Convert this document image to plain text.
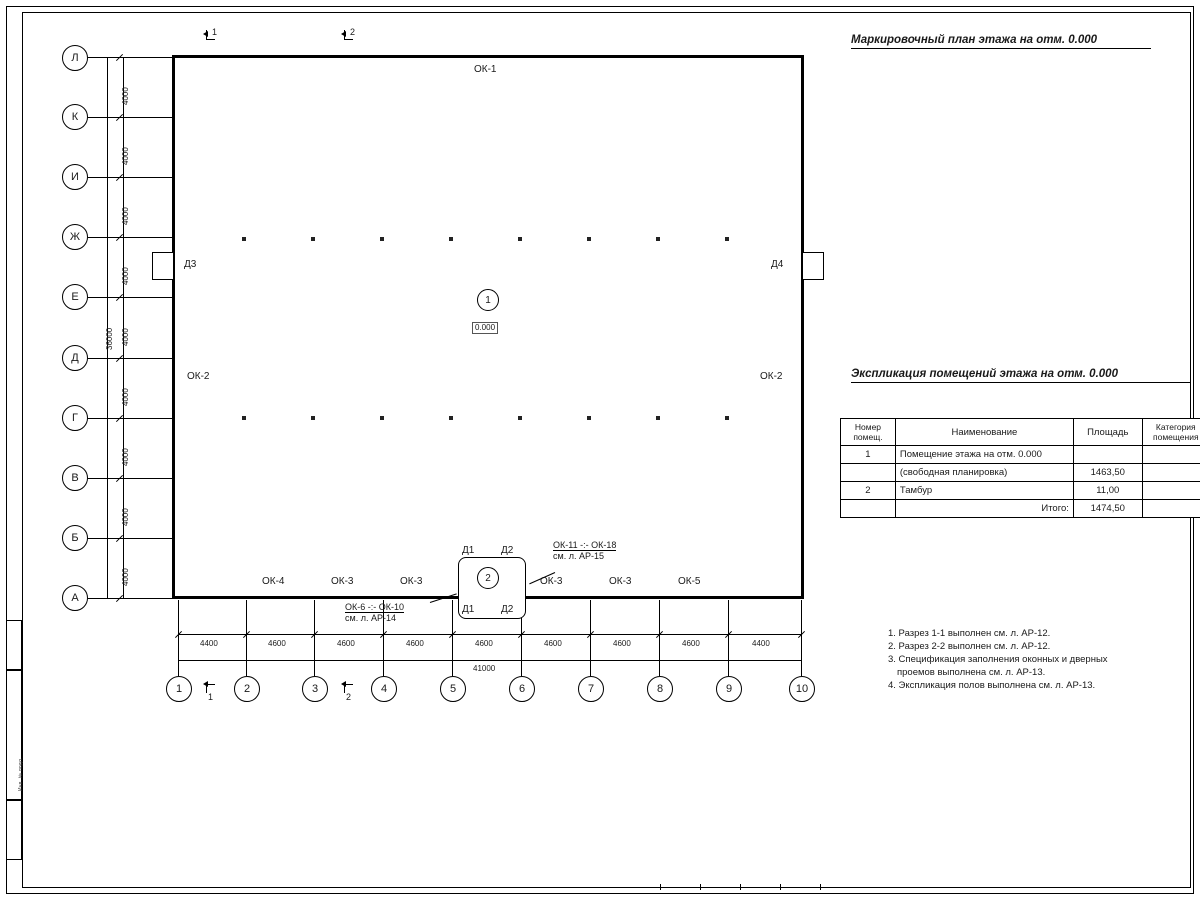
Инв. № подл.
Л
К
И
Ж
Е
Д
Г
В
Б
А
4000
4000
4000
4000
4000
4000
4000
4000
4000
36000
1	2	3	4	5	6	7	8	9	10
4400	4600	4600	4600	4600	4600	4600	4600	4400
41000
Д3	Д4
ОК-1
ОК-2	ОК-2
ОК-4	ОК-3	ОК-3	ОК-3	ОК-3	ОК-5
1
0.000
2
Д1	Д2
Д1	Д2
ОК-11 -:- ОК-18
см. л. АР-15
ОК-6 -:- ОК-10
см. л. АР-14
1	2
1	2
Маркировочный план этажа на отм. 0.000
Экспликация помещений этажа на отм. 0.000
Номер помещ.	Наименование	Площадь	Категория помещения
1	Помещение этажа на отм. 0.000		
	(свободная планировка)	1463,50	
2	Тамбур	11,00	
	Итого:	1474,50	
1. Разрез 1-1 выполнен см. л. АР-12.
2. Разрез 2-2 выполнен см. л. АР-12.
3. Спецификация заполнения оконных и дверных
проемов выполнена см. л. АР-13.
4. Экспликация полов выполнена см. л. АР-13.
